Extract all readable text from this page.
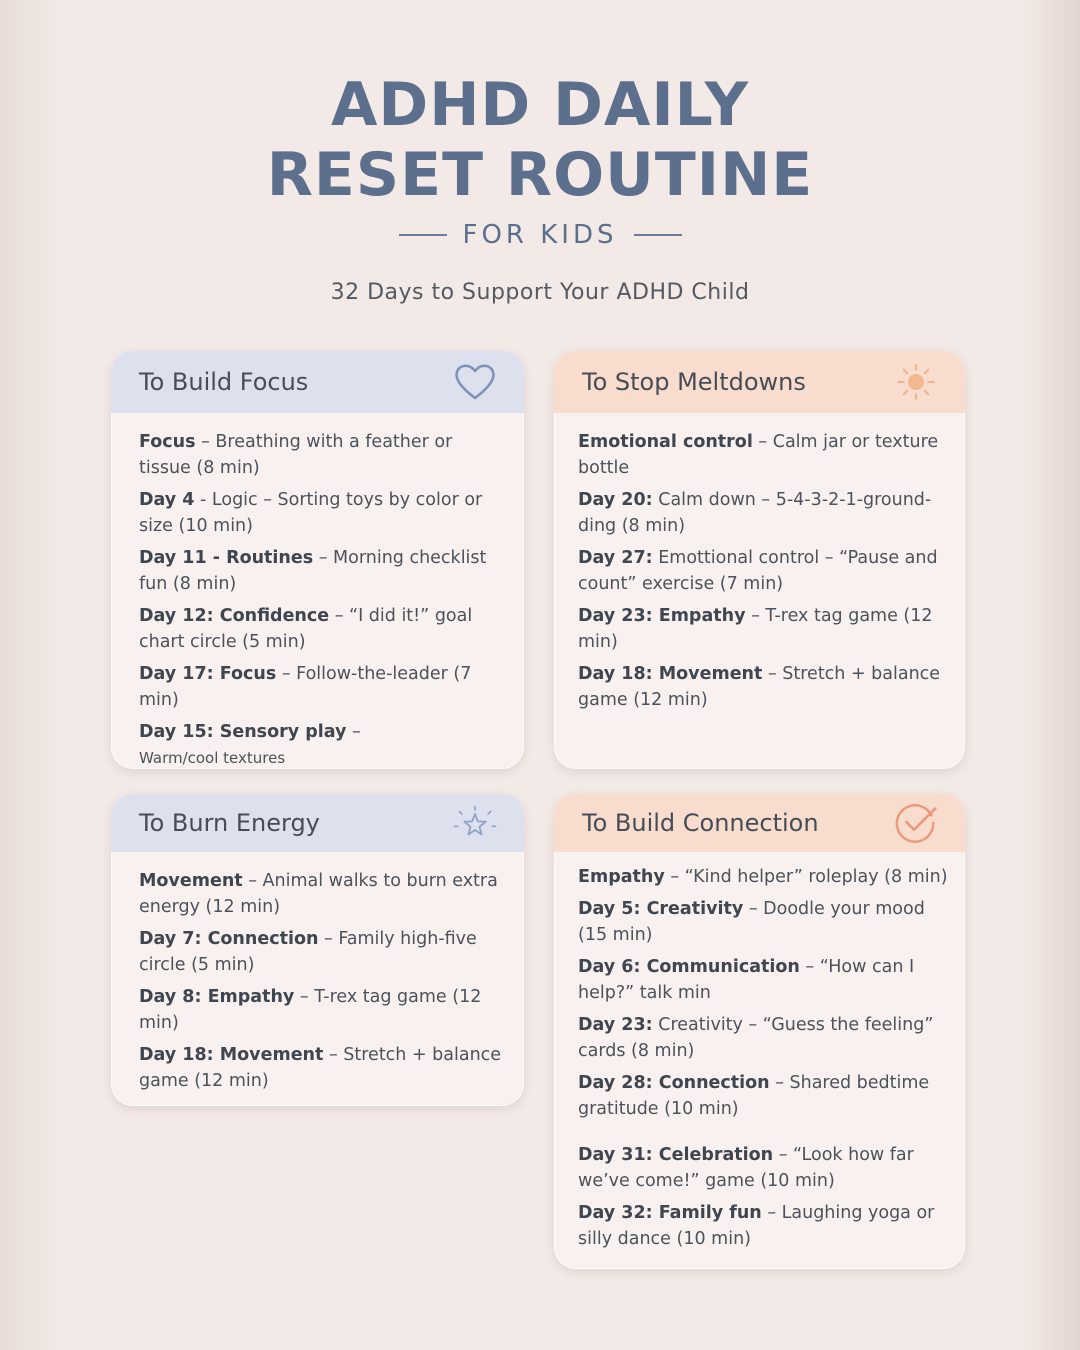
ADHD DAILY
RESET ROUTINE
FOR KIDS
32 Days to Support Your ADHD Child
To Build Focus
Focus – Breathing with a feather or tissue (8 min)
Day 4 - Logic – Sorting toys by color or size (10 min)
Day 11 - Routines – Morning checklist fun (8 min)
Day 12: Confidence – “I did it!” goal chart circle (5 min)
Day 17: Focus – Follow-the-leader (7 min)
Day 15: Sensory play –
Warm/cool textures
To Stop Meltdowns
Emotional control – Calm jar or texture bottle
Day 20: Calm down – 5-4-3-2-1-ground-ding (8 min)
Day 27: Emottional control – “Pause and count” exercise (7 min)
Day 23: Empathy – T-rex tag game (12 min)
Day 18: Movement – Stretch + balance game (12 min)
To Burn Energy
Movement – Animal walks to burn extra energy (12 min)
Day 7: Connection – Family high-five circle (5 min)
Day 8: Empathy – T-rex tag game (12 min)
Day 18: Movement – Stretch + balance game (12 min)
To Build Connection
Empathy – “Kind helper” roleplay (8 min)
Day 5: Creativity – Doodle your mood (15 min)
Day 6: Communication – “How can I help?” talk min
Day 23: Creativity – “Guess the feeling” cards (8 min)
Day 28: Connection – Shared bedtime gratitude (10 min)
Day 31: Celebration – “Look how far we’ve come!” game (10 min)
Day 32: Family fun – Laughing yoga or silly dance (10 min)
